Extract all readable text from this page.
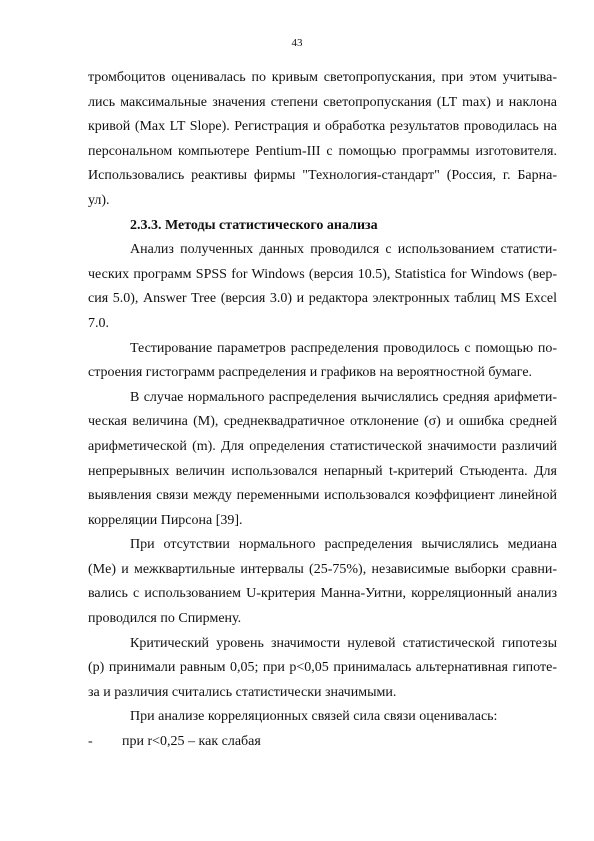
43
тромбоцитов оценивалась по кривым светопропускания, при этом учитыва-
лись максимальные значения степени светопропускания (LT max) и наклона
кривой (Max LT Slope). Регистрация и обработка результатов проводилась на
персональном компьютере Pentium-III с помощью программы изготовителя.
Использовались реактивы фирмы "Технология-стандарт" (Россия, г. Барна-
ул).
2.3.3. Методы статистического анализа
Анализ полученных данных проводился с использованием статисти-
ческих программ SPSS for Windows (версия 10.5), Statistica for Windows (вер-
сия 5.0), Answer Tree (версия 3.0) и редактора электронных таблиц MS Excel
7.0.
Тестирование параметров распределения проводилось с помощью по-
строения гистограмм распределения и графиков на вероятностной бумаге.
В случае нормального распределения вычислялись средняя арифмети-
ческая величина (M), среднеквадратичное отклонение (σ) и ошибка средней
арифметической (m). Для определения статистической значимости различий
непрерывных величин использовался непарный t-критерий Стьюдента. Для
выявления связи между переменными использовался коэффициент линейной
корреляции Пирсона [39].
При отсутствии нормального распределения вычислялись медиана
(Me) и межквартильные интервалы (25-75%), независимые выборки сравни-
вались с использованием U-критерия Манна-Уитни, корреляционный анализ
проводился по Спирмену.
Критический уровень значимости нулевой статистической гипотезы
(p) принимали равным 0,05; при p<0,05 принималась альтернативная гипоте-
за и различия считались статистически значимыми.
При анализе корреляционных связей сила связи оценивалась:
- при r<0,25 – как слабая
